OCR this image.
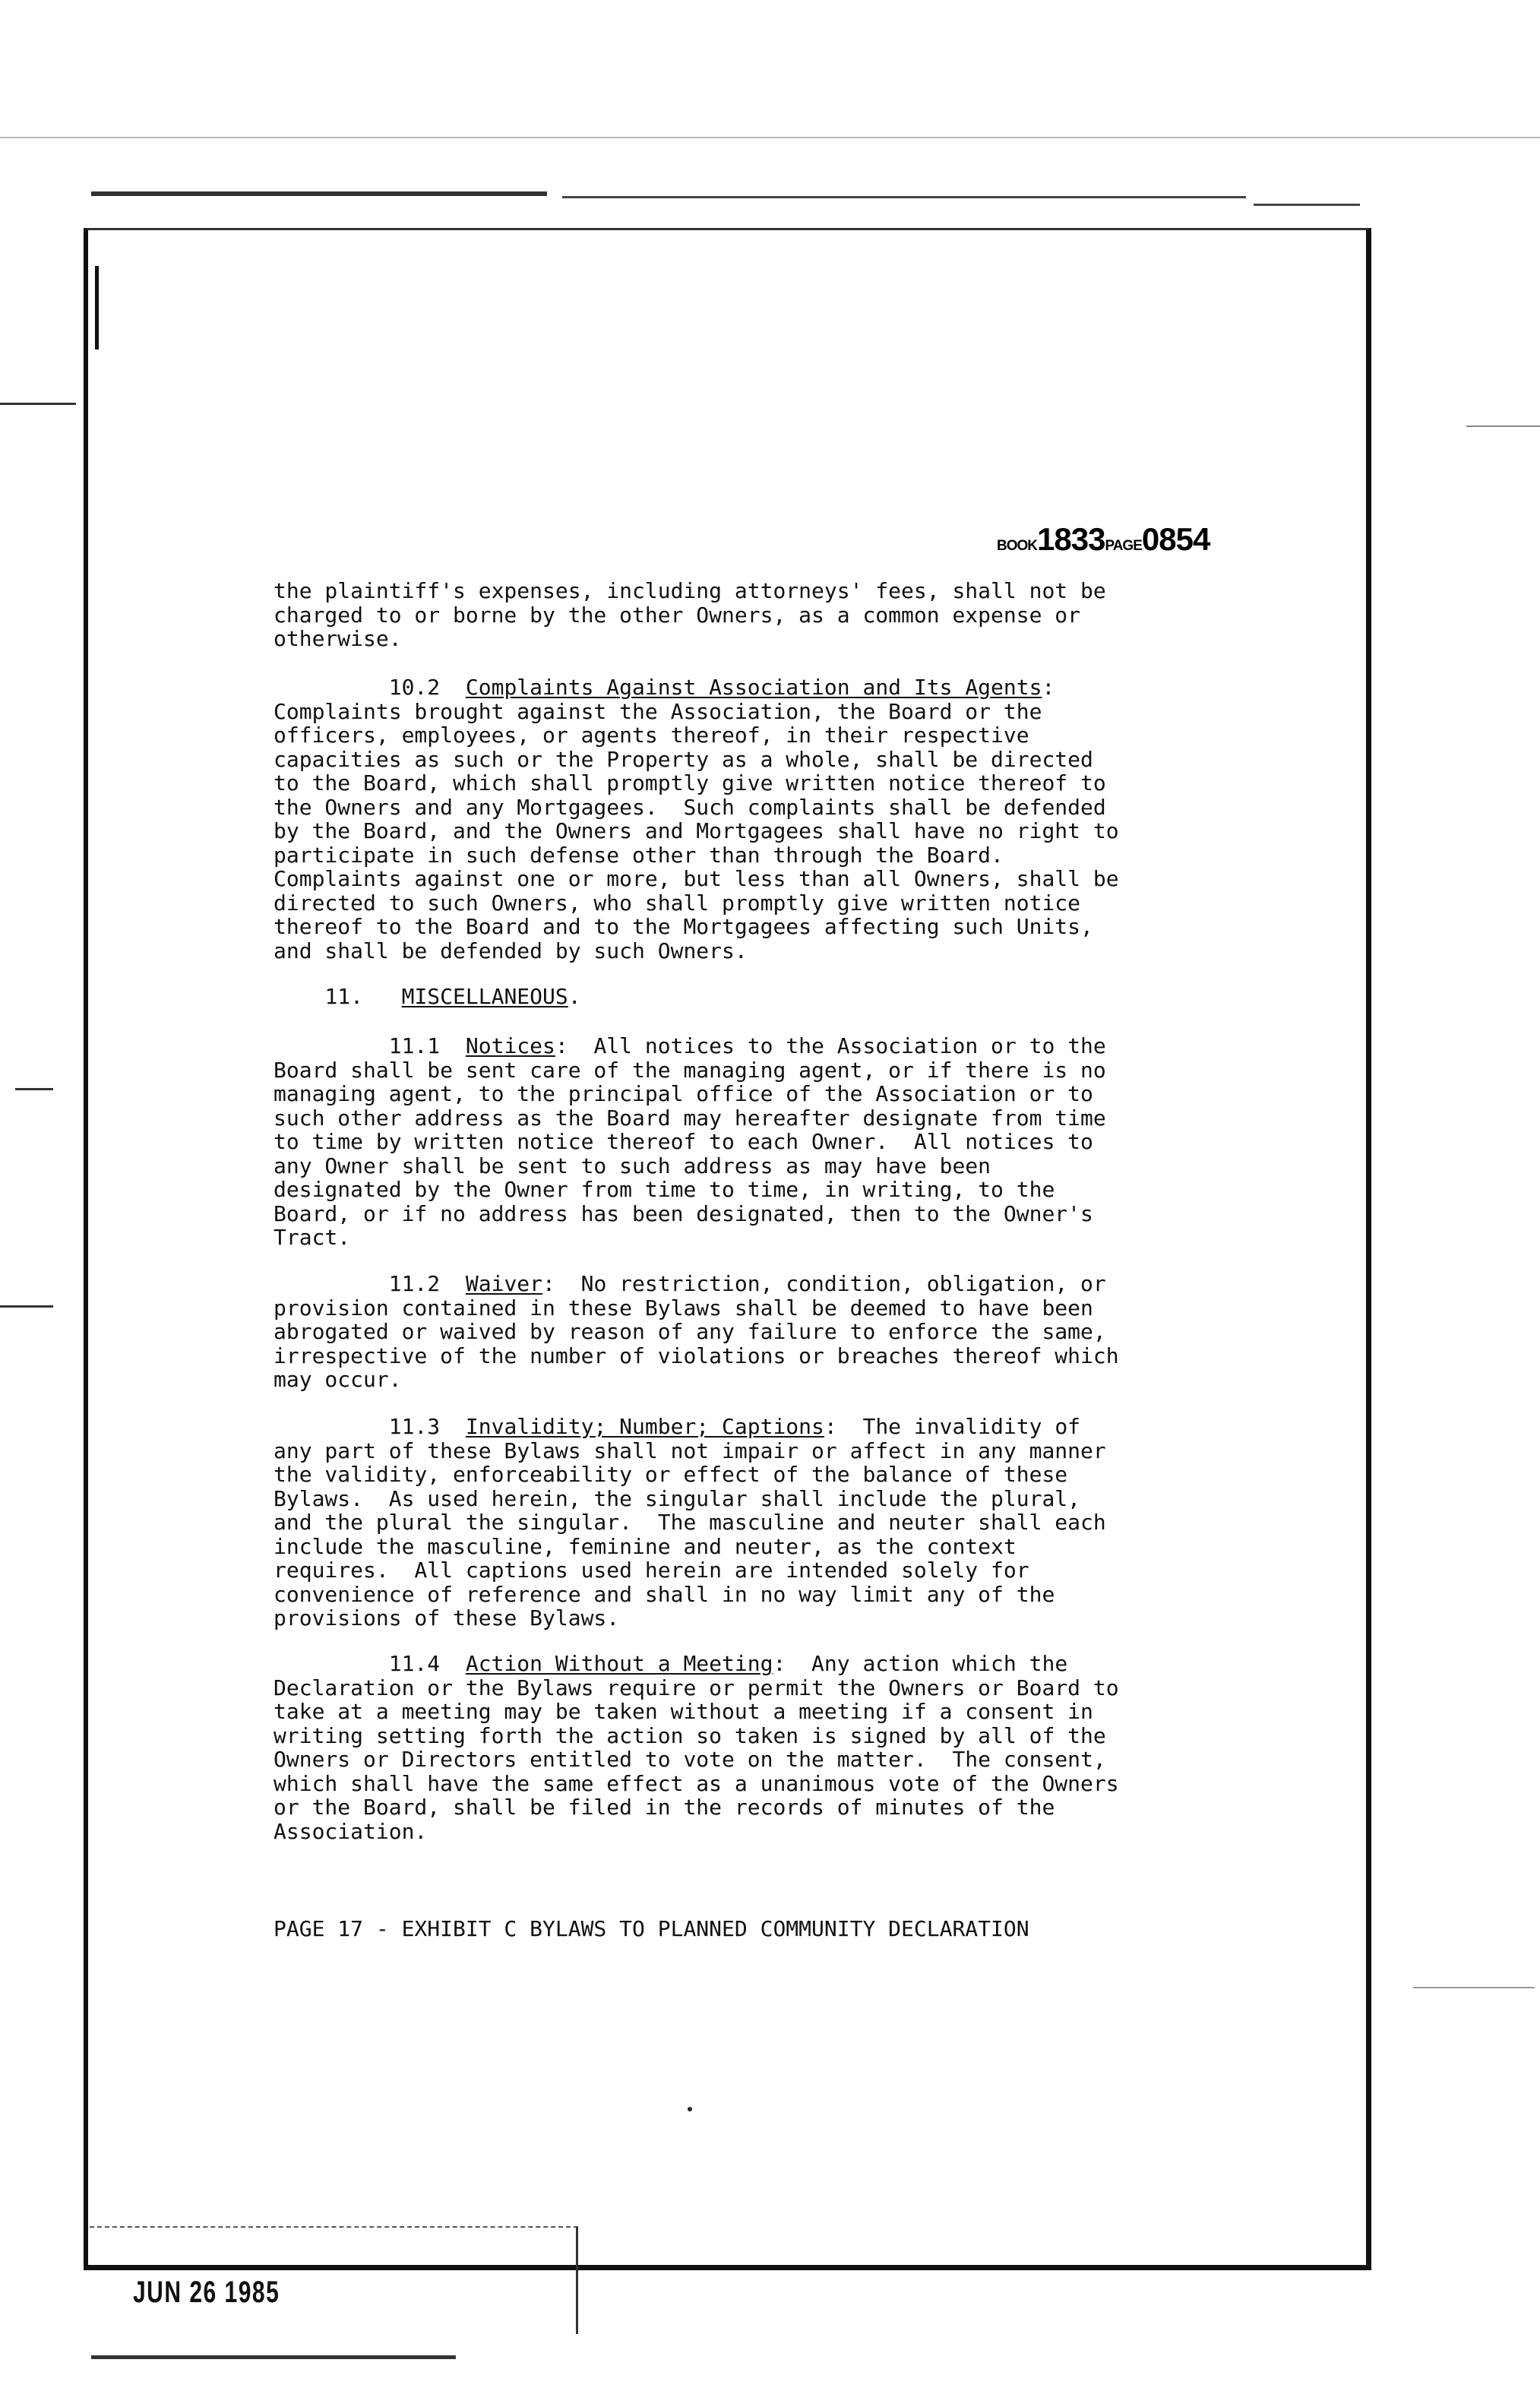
BOOK1833PAGE0854
the plaintiff's expenses, including attorneys' fees, shall not be
charged to or borne by the other Owners, as a common expense or
otherwise.
10.2 Complaints Against Association and Its Agents:
Complaints brought against the Association, the Board or the
officers, employees, or agents thereof, in their respective
capacities as such or the Property as a whole, shall be directed
to the Board, which shall promptly give written notice thereof to
the Owners and any Mortgagees.  Such complaints shall be defended
by the Board, and the Owners and Mortgagees shall have no right to
participate in such defense other than through the Board.
Complaints against one or more, but less than all Owners, shall be
directed to such Owners, who shall promptly give written notice
thereof to the Board and to the Mortgagees affecting such Units,
and shall be defended by such Owners.
11. MISCELLANEOUS.
11.1 Notices:  All notices to the Association or to the
Board shall be sent care of the managing agent, or if there is no
managing agent, to the principal office of the Association or to
such other address as the Board may hereafter designate from time
to time by written notice thereof to each Owner.  All notices to
any Owner shall be sent to such address as may have been
designated by the Owner from time to time, in writing, to the
Board, or if no address has been designated, then to the Owner's
Tract.
11.2 Waiver:  No restriction, condition, obligation, or
provision contained in these Bylaws shall be deemed to have been
abrogated or waived by reason of any failure to enforce the same,
irrespective of the number of violations or breaches thereof which
may occur.
11.3 Invalidity; Number; Captions:  The invalidity of
any part of these Bylaws shall not impair or affect in any manner
the validity, enforceability or effect of the balance of these
Bylaws.  As used herein, the singular shall include the plural,
and the plural the singular.  The masculine and neuter shall each
include the masculine, feminine and neuter, as the context
requires.  All captions used herein are intended solely for
convenience of reference and shall in no way limit any of the
provisions of these Bylaws.
11.4 Action Without a Meeting:  Any action which the
Declaration or the Bylaws require or permit the Owners or Board to
take at a meeting may be taken without a meeting if a consent in
writing setting forth the action so taken is signed by all of the
Owners or Directors entitled to vote on the matter.  The consent,
which shall have the same effect as a unanimous vote of the Owners
or the Board, shall be filed in the records of minutes of the
Association.
PAGE 17 - EXHIBIT C BYLAWS TO PLANNED COMMUNITY DECLARATION
JUN 26 1985
